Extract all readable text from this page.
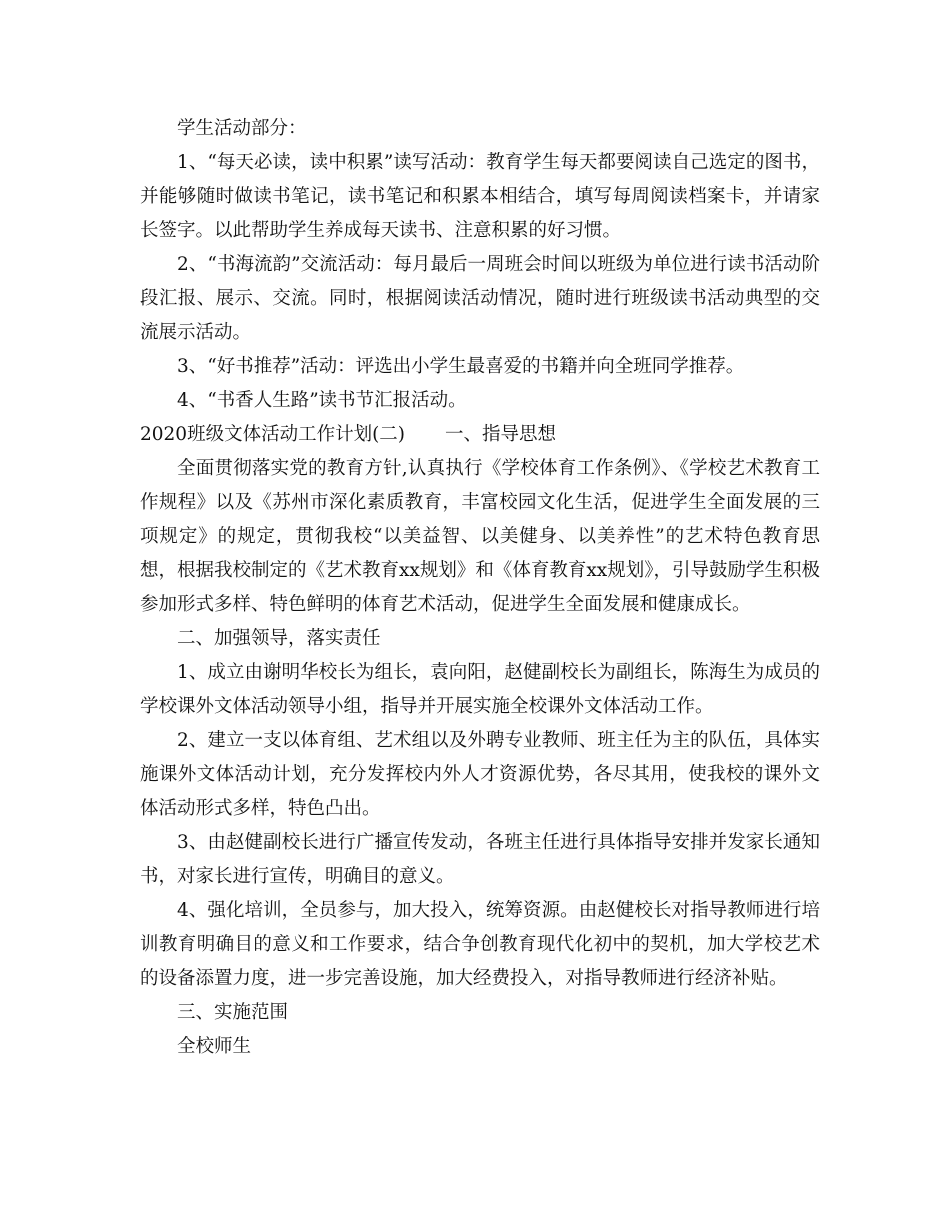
学生活动部分：

1、“每天必读，读中积累”读写活动：教育学生每天都要阅读自己选定的图书，并能够随时做读书笔记，读书笔记和积累本相结合，填写每周阅读档案卡，并请家长签字。以此帮助学生养成每天读书、注意积累的好习惯。

2、“书海流韵”交流活动：每月最后一周班会时间以班级为单位进行读书活动阶段汇报、展示、交流。同时，根据阅读活动情况，随时进行班级读书活动典型的交流展示活动。

3、“好书推荐”活动：评选出小学生最喜爱的书籍并向全班同学推荐。

4、“书香人生路”读书节汇报活动。

2020班级文体活动工作计划(二) 一、指导思想

全面贯彻落实党的教育方针,认真执行《学校体育工作条例》、《学校艺术教育工作规程》以及《苏州市深化素质教育，丰富校园文化生活，促进学生全面发展的三项规定》的规定，贯彻我校“以美益智、以美健身、以美养性”的艺术特色教育思想，根据我校制定的《艺术教育xx规划》和《体育教育xx规划》，引导鼓励学生积极参加形式多样、特色鲜明的体育艺术活动，促进学生全面发展和健康成长。

二、加强领导，落实责任

1、成立由谢明华校长为组长，袁向阳，赵健副校长为副组长，陈海生为成员的学校课外文体活动领导小组，指导并开展实施全校课外文体活动工作。

2、建立一支以体育组、艺术组以及外聘专业教师、班主任为主的队伍，具体实施课外文体活动计划，充分发挥校内外人才资源优势，各尽其用，使我校的课外文体活动形式多样，特色凸出。

3、由赵健副校长进行广播宣传发动，各班主任进行具体指导安排并发家长通知书，对家长进行宣传，明确目的意义。

4、强化培训，全员参与，加大投入，统筹资源。由赵健校长对指导教师进行培训教育明确目的意义和工作要求，结合争创教育现代化初中的契机，加大学校艺术的设备添置力度，进一步完善设施，加大经费投入，对指导教师进行经济补贴。

三、实施范围

全校师生
